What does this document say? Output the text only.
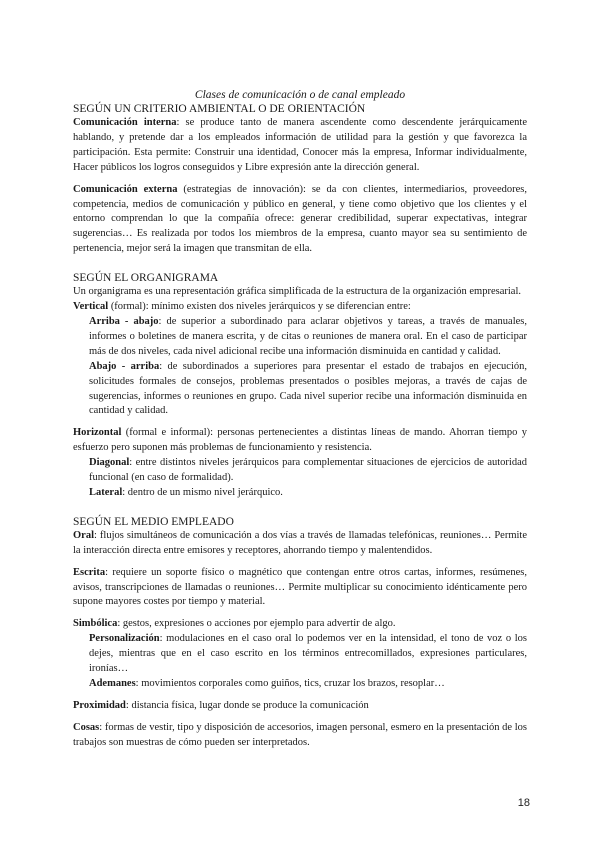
Clases de comunicación o de canal empleado

SEGÚN UN CRITERIO AMBIENTAL O DE ORIENTACIÓN

Comunicación interna: se produce tanto de manera ascendente como descendente jerárquicamente hablando, y pretende dar a los empleados información de utilidad para la gestión y que favorezca la participación. Esta permite: Construir una identidad, Conocer más la empresa, Informar individualmente, Hacer públicos los logros conseguidos y Libre expresión ante la dirección general.

Comunicación externa (estrategias de innovación): se da con clientes, intermediarios, proveedores, competencia, medios de comunicación y público en general, y tiene como objetivo que los clientes y el entorno comprendan lo que la compañía ofrece: generar credibilidad, superar expectativas, integrar sugerencias… Es realizada por todos los miembros de la empresa, cuanto mayor sea su sentimiento de pertenencia, mejor será la imagen que transmitan de ella.

SEGÚN EL ORGANIGRAMA

Un organigrama es una representación gráfica simplificada de la estructura de la organización empresarial.

Vertical (formal): mínimo existen dos niveles jerárquicos y se diferencian entre:

Arriba - abajo: de superior a subordinado para aclarar objetivos y tareas, a través de manuales, informes o boletines de manera escrita, y de citas o reuniones de manera oral. En el caso de participar más de dos niveles, cada nivel adicional recibe una información disminuida en cantidad y calidad.

Abajo - arriba: de subordinados a superiores para presentar el estado de trabajos en ejecución, solicitudes formales de consejos, problemas presentados o posibles mejoras, a través de cajas de sugerencias, informes o reuniones en grupo. Cada nivel superior recibe una información disminuida en cantidad y calidad.

Horizontal (formal e informal): personas pertenecientes a distintas líneas de mando. Ahorran tiempo y esfuerzo pero suponen más problemas de funcionamiento y resistencia.

Diagonal: entre distintos niveles jerárquicos para complementar situaciones de ejercicios de autoridad funcional (en caso de formalidad).

Lateral: dentro de un mismo nivel jerárquico.

SEGÚN EL MEDIO EMPLEADO

Oral: flujos simultáneos de comunicación a dos vías a través de llamadas telefónicas, reuniones… Permite la interacción directa entre emisores y receptores, ahorrando tiempo y malentendidos.

Escrita: requiere un soporte físico o magnético que contengan entre otros cartas, informes, resúmenes, avisos, transcripciones de llamadas o reuniones… Permite multiplicar su conocimiento idénticamente pero supone mayores costes por tiempo y material.

Simbólica: gestos, expresiones o acciones por ejemplo para advertir de algo.

Personalización: modulaciones en el caso oral lo podemos ver en la intensidad, el tono de voz o los dejes, mientras que en el caso escrito en los términos entrecomillados, expresiones particulares, ironías…

Ademanes: movimientos corporales como guiños, tics, cruzar los brazos, resoplar…

Proximidad: distancia física, lugar donde se produce la comunicación

Cosas: formas de vestir, tipo y disposición de accesorios, imagen personal, esmero en la presentación de los trabajos son muestras de cómo pueden ser interpretados.

18
